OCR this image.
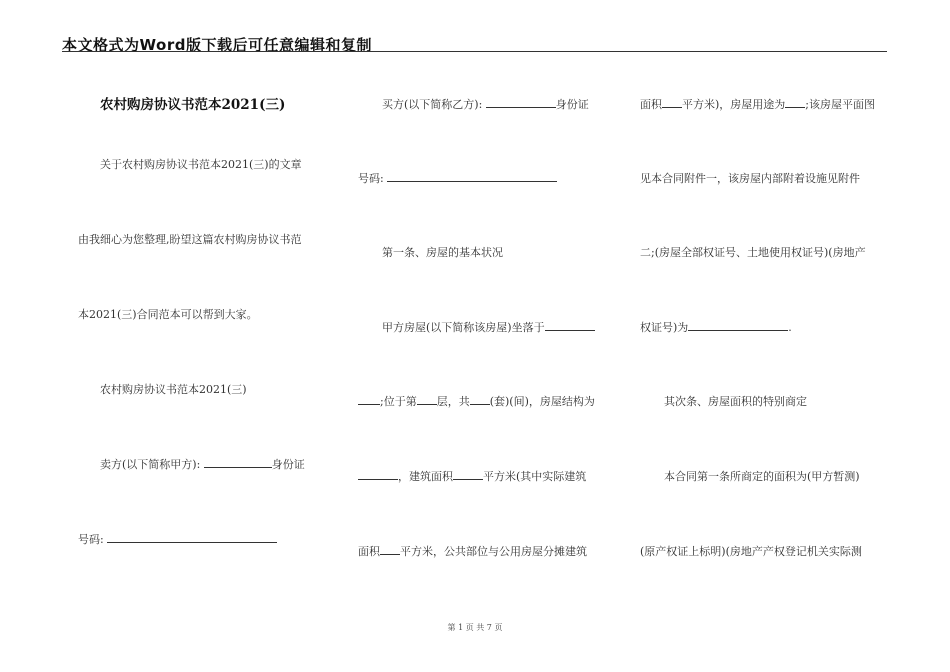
本文格式为Word版下载后可任意编辑和复制
农村购房协议书范本2021(三)
关于农村购房协议书范本2021(三)的文章
由我细心为您整理,盼望这篇农村购房协议书范
本2021(三)合同范本可以帮到大家。
农村购房协议书范本2021(三)
卖方(以下简称甲方):	身份证
号码:
买方(以下简称乙方):	身份证
号码:
第一条、房屋的基本状况
甲方房屋(以下简称该房屋)坐落于
;位于第 层，共 (套)(间)，房屋结构为
，建筑面积	平方米(其中实际建筑
面积 平方米，公共部位与公用房屋分摊建筑
面积 平方米)，房屋用途为 ;该房屋平面图
见本合同附件一，该房屋内部附着设施见附件
二;(房屋全部权证号、土地使用权证号)(房地产
权证号)为	.
其次条、房屋面积的特别商定
本合同第一条所商定的面积为(甲方暂测)
(原产权证上标明)(房地产产权登记机关实际测
第 1 页 共 7 页
